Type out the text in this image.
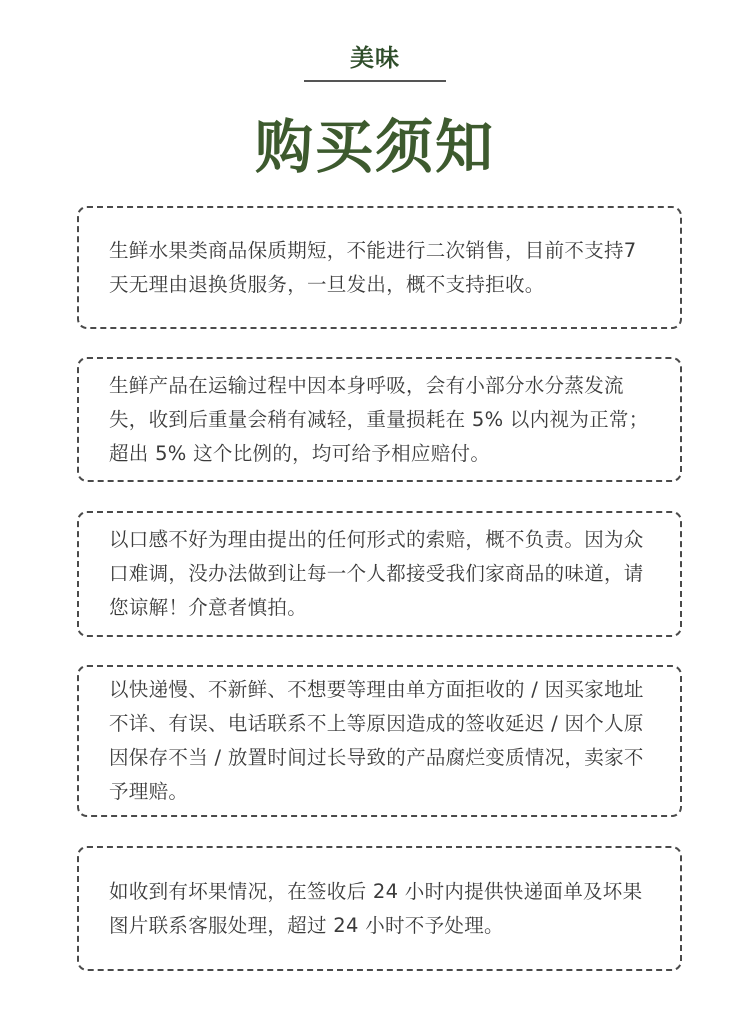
美味
购买须知

生鲜水果类商品保质期短，不能进行二次销售，目前不支持7 天无理由退换货服务，一旦发出，概不支持拒收。

生鲜产品在运输过程中因本身呼吸，会有小部分水分蒸发流失，收到后重量会稍有减轻，重量损耗在 5% 以内视为正常；超出 5% 这个比例的，均可给予相应赔付。

以口感不好为理由提出的任何形式的索赔，概不负责。因为众口难调，没办法做到让每一个人都接受我们家商品的味道，请您谅解！介意者慎拍。

以快递慢、不新鲜、不想要等理由单方面拒收的 / 因买家地址不详、有误、电话联系不上等原因造成的签收延迟 / 因个人原因保存不当 / 放置时间过长导致的产品腐烂变质情况，卖家不予理赔。

如收到有坏果情况，在签收后 24 小时内提供快递面单及坏果图片联系客服处理，超过 24 小时不予处理。
